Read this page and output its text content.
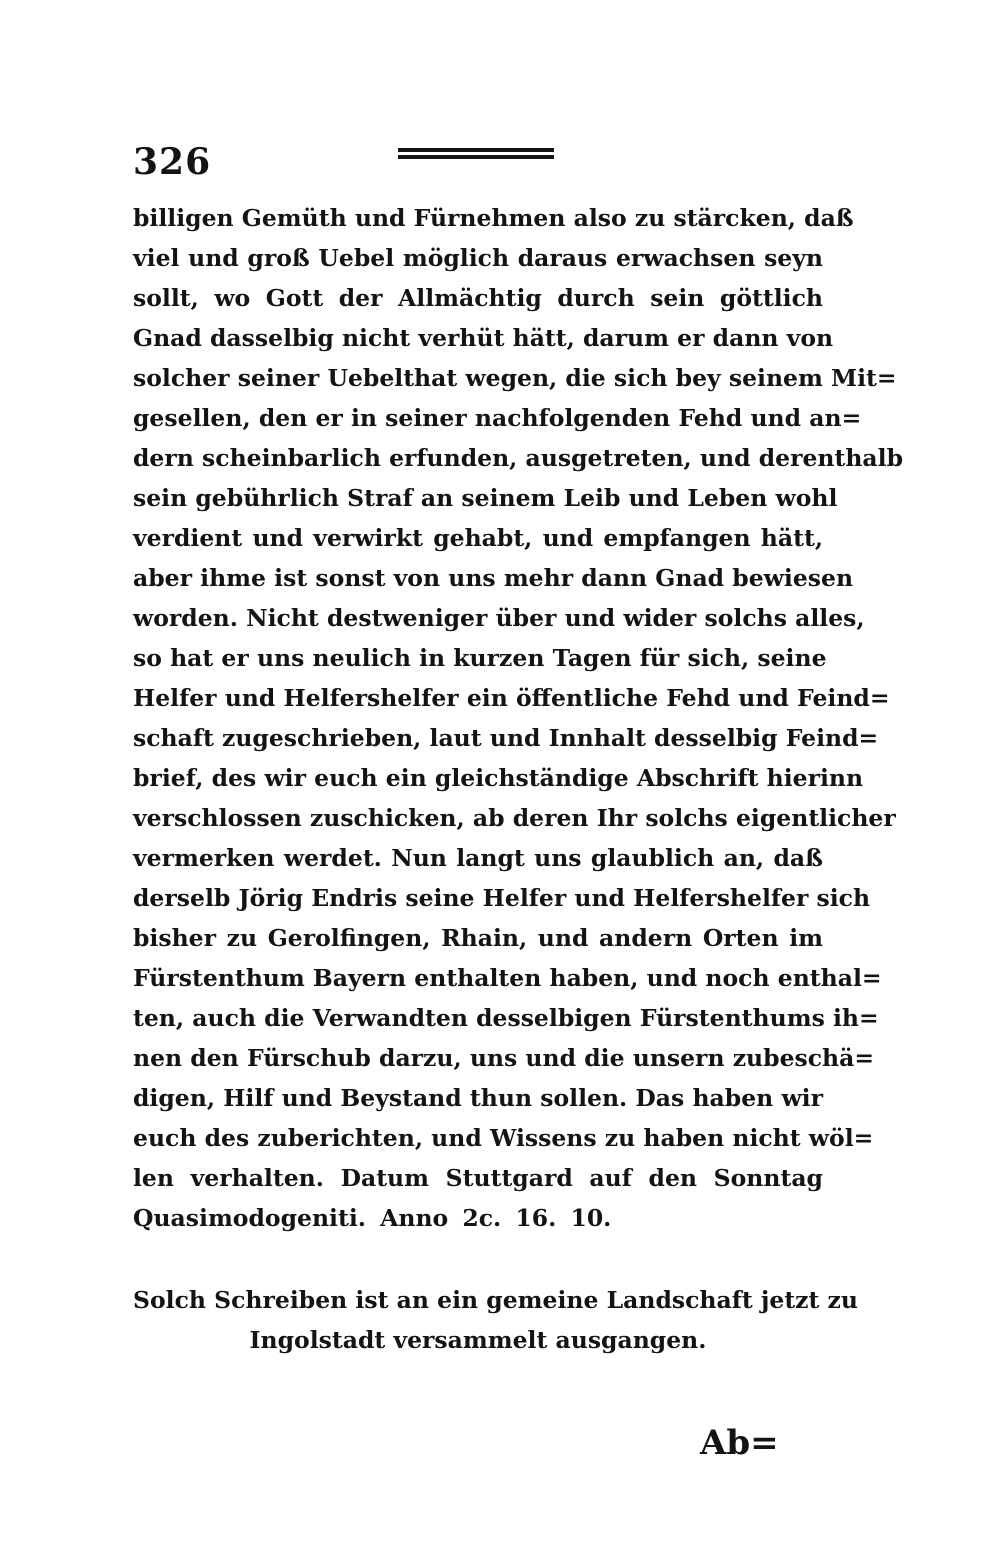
326
billigen Gemüth und Fürnehmen also zu stärcken, daß
viel und groß Uebel möglich daraus erwachsen seyn
sollt, wo Gott der Allmächtig durch sein göttlich
Gnad dasselbig nicht verhüt hätt, darum er dann von
solcher seiner Uebelthat wegen, die sich bey seinem Mit=
gesellen, den er in seiner nachfolgenden Fehd und an=
dern scheinbarlich erfunden, ausgetreten, und derenthalb
sein gebührlich Straf an seinem Leib und Leben wohl
verdient und verwirkt gehabt, und empfangen hätt,
aber ihme ist sonst von uns mehr dann Gnad bewiesen
worden. Nicht destweniger über und wider solchs alles,
so hat er uns neulich in kurzen Tagen für sich, seine
Helfer und Helfershelfer ein öffentliche Fehd und Feind=
schaft zugeschrieben, laut und Innhalt desselbig Feind=
brief, des wir euch ein gleichständige Abschrift hierinn
verschlossen zuschicken, ab deren Ihr solchs eigentlicher
vermerken werdet. Nun langt uns glaublich an, daß
derselb Jörig Endris seine Helfer und Helfershelfer sich
bisher zu Gerolfingen, Rhain, und andern Orten im
Fürstenthum Bayern enthalten haben, und noch enthal=
ten, auch die Verwandten desselbigen Fürstenthums ih=
nen den Fürschub darzu, uns und die unsern zubeschä=
digen, Hilf und Beystand thun sollen. Das haben wir
euch des zuberichten, und Wissens zu haben nicht wöl=
len verhalten. Datum Stuttgard auf den Sonntag
Quasimodogeniti. Anno 2c. 16. 10.
Solch Schreiben ist an ein gemeine Landschaft jetzt zu
Ingolstadt versammelt ausgangen.
Ab=
